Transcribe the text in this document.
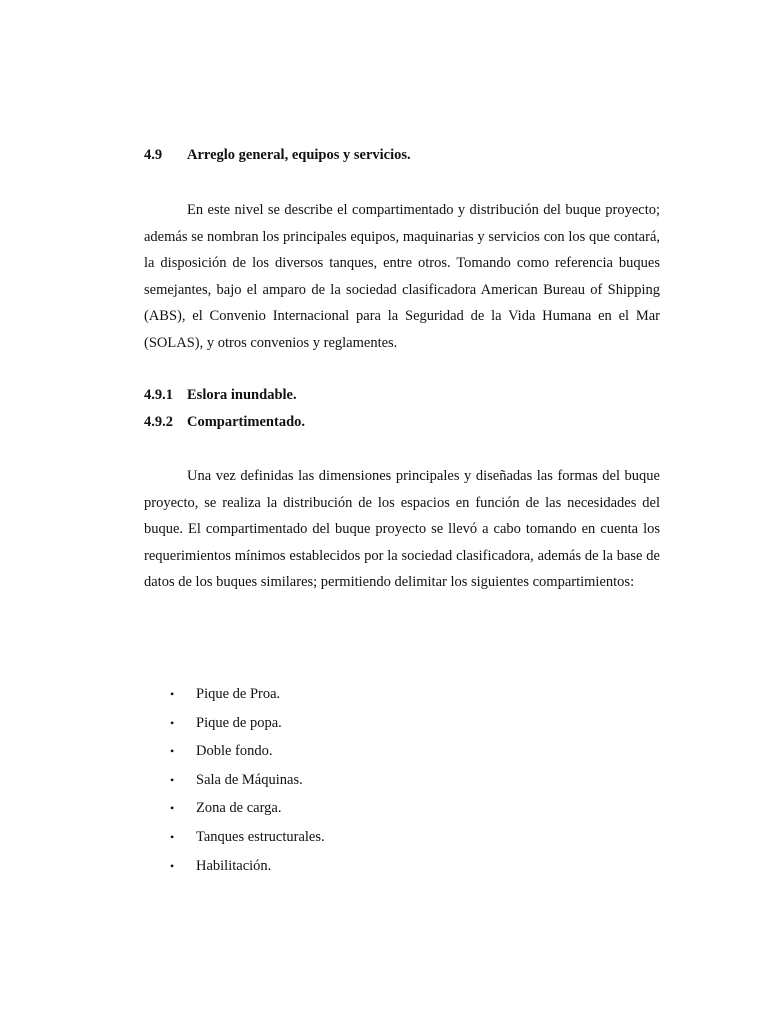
4.9 Arreglo general, equipos y servicios.

En este nivel se describe el compartimentado y distribución del buque proyecto; además se nombran los principales equipos, maquinarias y servicios con los que contará, la disposición de los diversos tanques, entre otros. Tomando como referencia buques semejantes, bajo el amparo de la sociedad clasificadora American Bureau of Shipping (ABS), el Convenio Internacional para la Seguridad de la Vida Humana en el Mar (SOLAS), y otros convenios y reglamentes.

4.9.1 Eslora inundable.
4.9.2 Compartimentado.

Una vez definidas las dimensiones principales y diseñadas las formas del buque proyecto, se realiza la distribución de los espacios en función de las necesidades del buque. El compartimentado del buque proyecto se llevó a cabo tomando en cuenta los requerimientos mínimos establecidos por la sociedad clasificadora, además de la base de datos de los buques similares; permitiendo delimitar los siguientes compartimientos:

• Pique de Proa.
• Pique de popa.
• Doble fondo.
• Sala de Máquinas.
• Zona de carga.
• Tanques estructurales.
• Habilitación.
